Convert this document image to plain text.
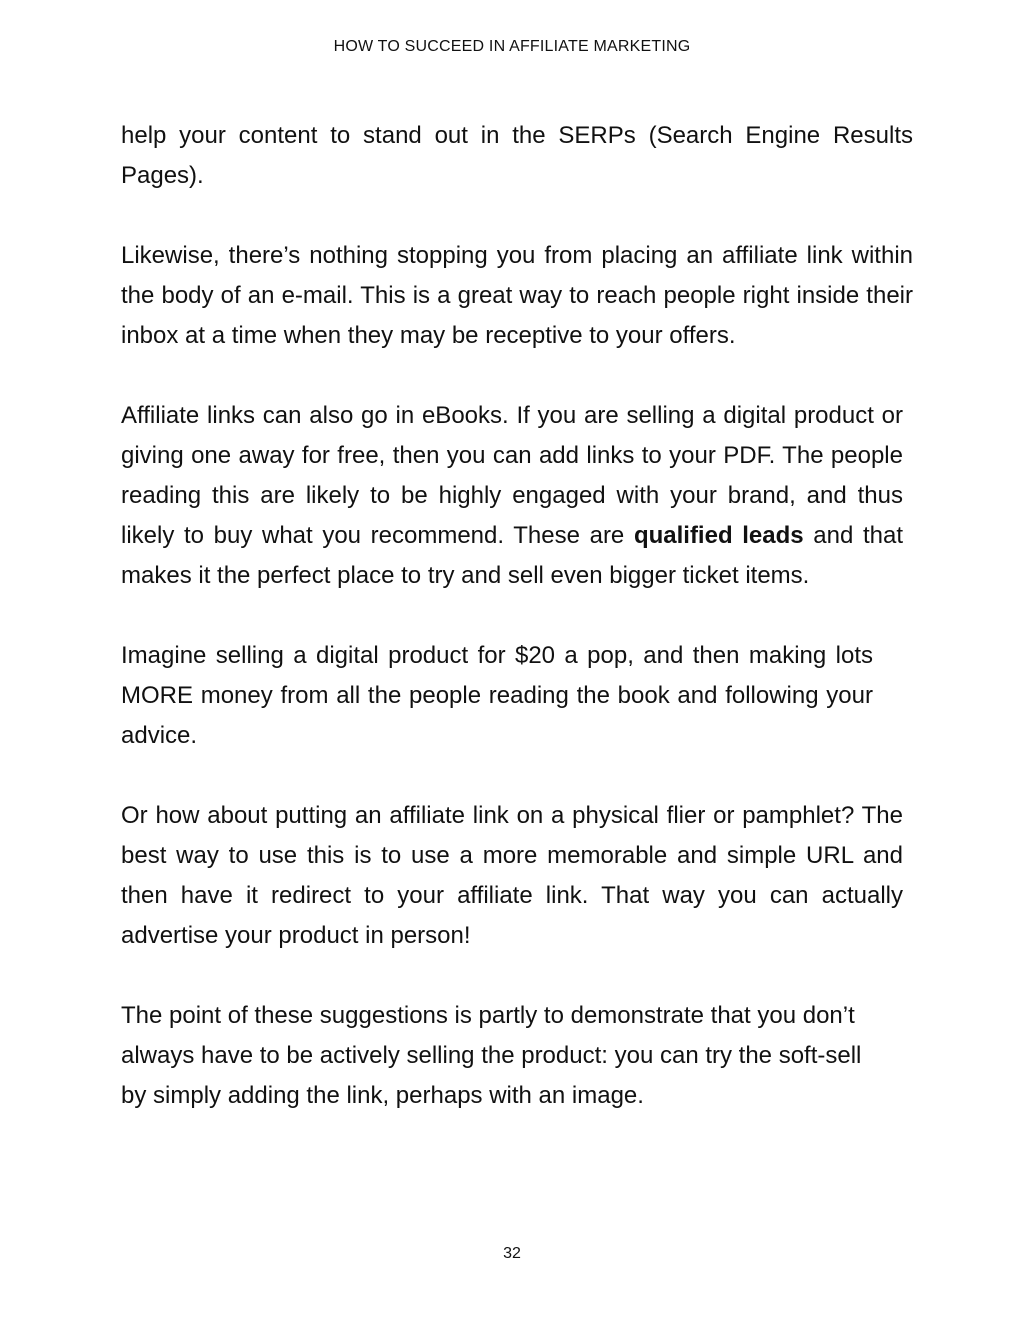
HOW TO SUCCEED IN AFFILIATE MARKETING

help your content to stand out in the SERPs (Search Engine Results Pages).

Likewise, there’s nothing stopping you from placing an affiliate link within the body of an e-mail. This is a great way to reach people right inside their inbox at a time when they may be receptive to your offers.

Affiliate links can also go in eBooks. If you are selling a digital product or giving one away for free, then you can add links to your PDF. The people reading this are likely to be highly engaged with your brand, and thus likely to buy what you recommend. These are qualified leads and that makes it the perfect place to try and sell even bigger ticket items.

Imagine selling a digital product for $20 a pop, and then making lots MORE money from all the people reading the book and following your advice.

Or how about putting an affiliate link on a physical flier or pamphlet? The best way to use this is to use a more memorable and simple URL and then have it redirect to your affiliate link. That way you can actually advertise your product in person!

The point of these suggestions is partly to demonstrate that you don’t always have to be actively selling the product: you can try the soft-sell by simply adding the link, perhaps with an image.

32
